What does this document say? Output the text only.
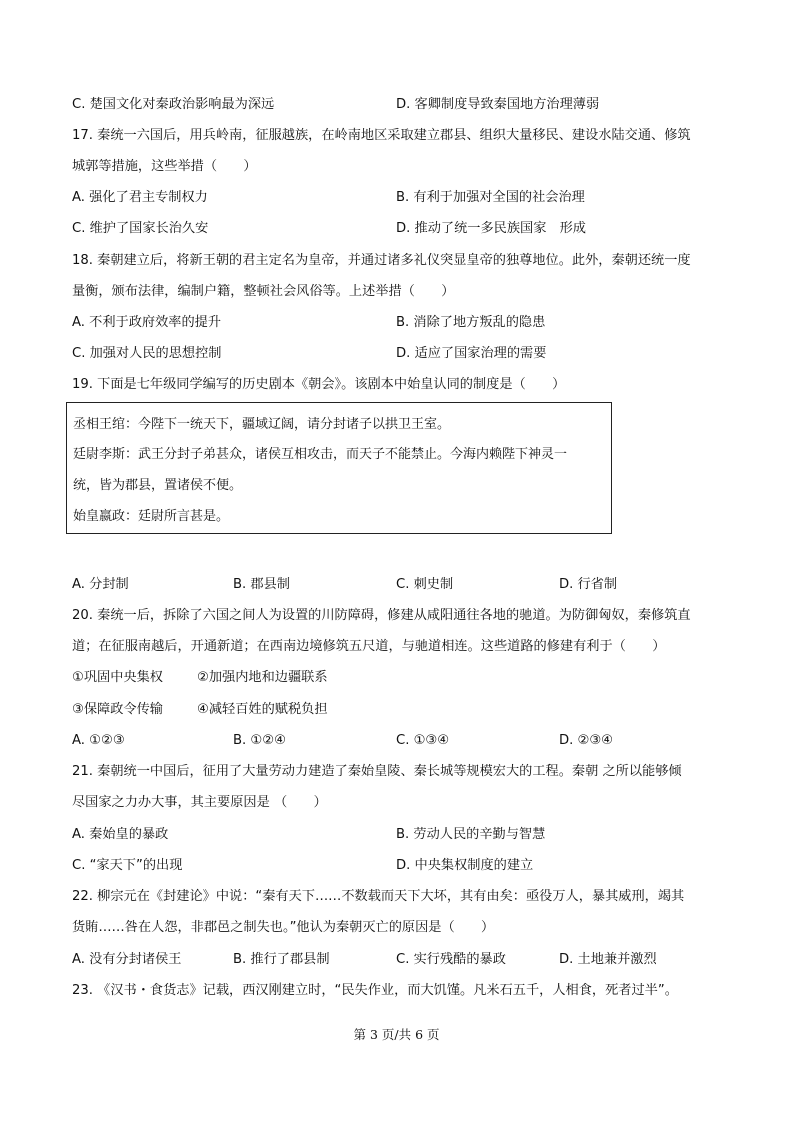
C. 楚国文化对秦政治影响最为深远	D. 客卿制度导致秦国地方治理薄弱
17. 秦统一六国后，用兵岭南，征服越族，在岭南地区采取建立郡县、组织大量移民、建设水陆交通、修筑
城郭等措施，这些举措（　　）
A. 强化了君主专制权力	B. 有利于加强对全国的社会治理
C. 维护了国家长治久安	D. 推动了统一多民族国家　形成
18. 秦朝建立后，将新王朝的君主定名为皇帝，并通过诸多礼仪突显皇帝的独尊地位。此外，秦朝还统一度
量衡，颁布法律，编制户籍，整顿社会风俗等。上述举措（　　）
A. 不利于政府效率的提升	B. 消除了地方叛乱的隐患
C. 加强对人民的思想控制	D. 适应了国家治理的需要
19. 下面是七年级同学编写的历史剧本《朝会》。该剧本中始皇认同的制度是（　　）
丞相王绾：今陛下一统天下，疆域辽阔，请分封诸子以拱卫王室。
廷尉李斯：武王分封子弟甚众，诸侯互相攻击，而天子不能禁止。今海内赖陛下神灵一
统，皆为郡县，置诸侯不便。
始皇嬴政：廷尉所言甚是。
A. 分封制	B. 郡县制	C. 刺史制	D. 行省制
20. 秦统一后，拆除了六国之间人为设置的川防障碍，修建从咸阳通往各地的驰道。为防御匈奴，秦修筑直
道；在征服南越后，开通新道；在西南边境修筑五尺道，与驰道相连。这些道路的修建有利于（　　）
①巩固中央集权	②加强内地和边疆联系
③保障政令传输	④减轻百姓的赋税负担
A. ①②③	B. ①②④	C. ①③④	D. ②③④
21. 秦朝统一中国后，征用了大量劳动力建造了秦始皇陵、秦长城等规模宏大的工程。秦朝 之所以能够倾
尽国家之力办大事，其主要原因是 （　　）
A. 秦始皇的暴政	B. 劳动人民的辛勤与智慧
C. “家天下”的出现	D. 中央集权制度的建立
22. 柳宗元在《封建论》中说：“秦有天下……不数载而天下大坏，其有由矣：亟役万人，暴其威刑，竭其
货賄……咎在人怨，非郡邑之制失也。”他认为秦朝灭亡的原因是（　　）
A. 没有分封诸侯王	B. 推行了郡县制	C. 实行残酷的暴政	D. 土地兼并激烈
23. 《汉书・食货志》记载，西汉刚建立时，“民失作业，而大饥馑。凡米石五千，人相食，死者过半”。
第 3 页/共 6 页
